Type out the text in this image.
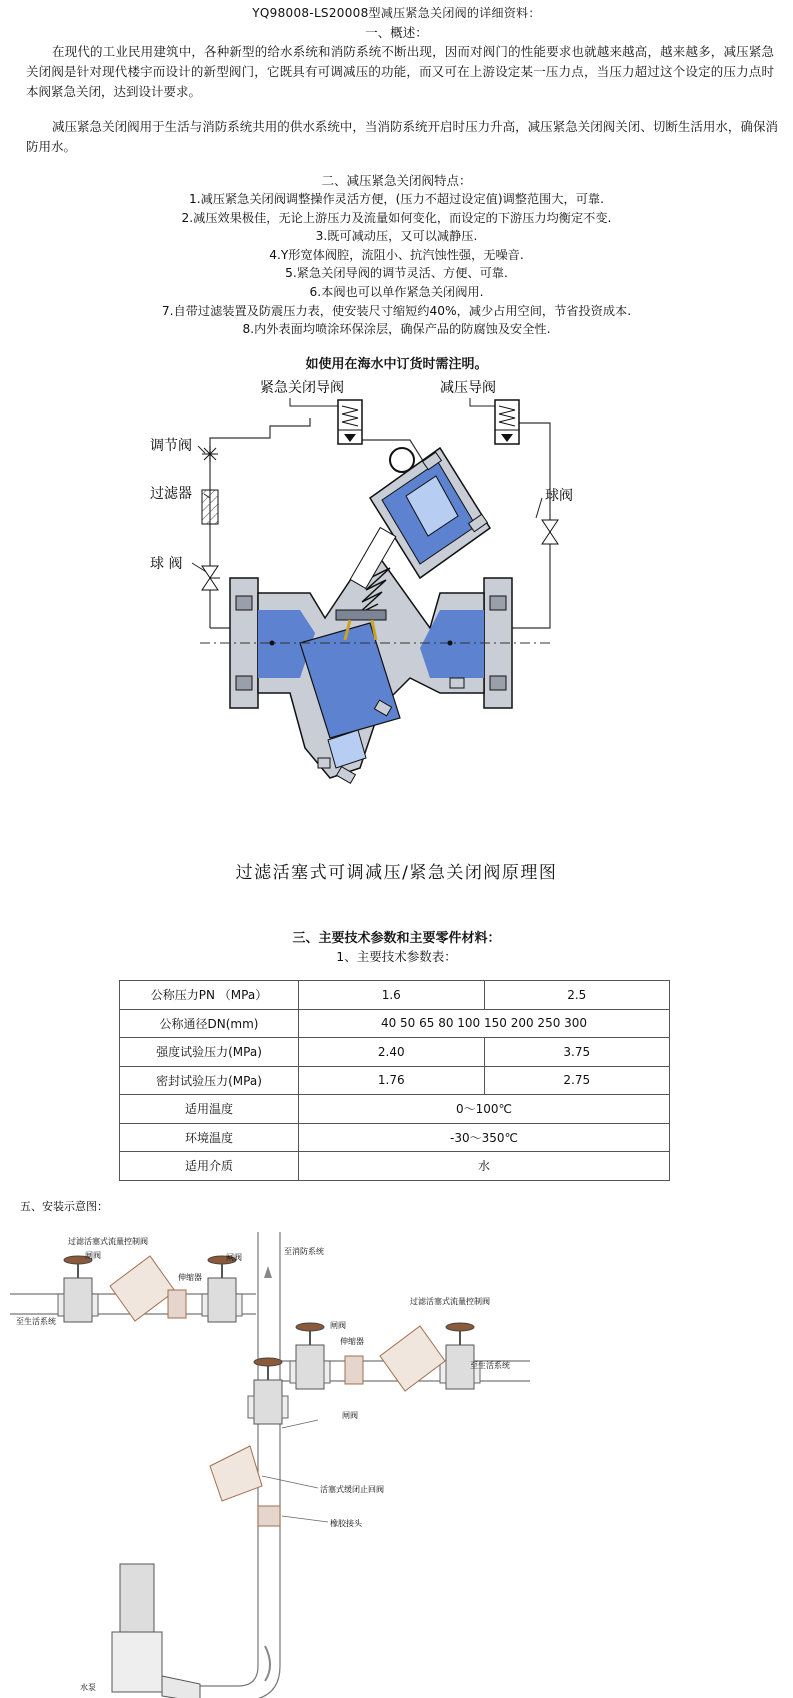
YQ98008-LS20008型减压紧急关闭阀的详细资料：
一、概述：
在现代的工业民用建筑中，各种新型的给水系统和消防系统不断出现，因而对阀门的性能要求也就越来越高，越来越多，减压紧急关闭阀是针对现代楼宇而设计的新型阀门，它既具有可调减压的功能，而又可在上游设定某一压力点，当压力超过这个设定的压力点时本阀紧急关闭，达到设计要求。
减压紧急关闭阀用于生活与消防系统共用的供水系统中，当消防系统开启时压力升高，减压紧急关闭阀关闭、切断生活用水，确保消防用水。
二、减压紧急关闭阀特点：
1.减压紧急关闭阀调整操作灵活方便，(压力不超过设定值)调整范围大，可靠.
2.减压效果极佳，无论上游压力及流量如何变化，而设定的下游压力均衡定不变.
3.既可减动压，又可以减静压.
4.Y形宽体阀腔，流阻小、抗汽蚀性强，无噪音.
5.紧急关闭导阀的调节灵活、方便、可靠.
6.本阀也可以单作紧急关闭阀用.
7.自带过滤装置及防震压力表，使安装尺寸缩短约40%，减少占用空间，节省投资成本.
8.内外表面均喷涂环保涂层，确保产品的防腐蚀及安全性.
如使用在海水中订货时需注明。
紧急关闭导阀	减压导阀
调节阀
过滤器
球 阀
球阀
过滤活塞式可调减压/紧急关闭阀原理图
三、主要技术参数和主要零件材料：
1、主要技术参数表：
公称压力PN （MPa）	1.6	2.5
公称通径DN(mm)	40 50 65 80 100 150 200 250 300	
强度试验压力(MPa)	2.40	3.75
密封试验压力(MPa)	1.76	2.75
适用温度	0～100℃	
环境温度	-30～350℃	
适用介质	水	
五、安装示意图：
过滤活塞式流量控制阀
闸阀	闸阀
伸缩器
至消防系统
至生活系统
过滤活塞式流量控制阀
闸阀
伸缩器
至生活系统
闸阀
活塞式缓闭止回阀
橡胶接头
水泵
